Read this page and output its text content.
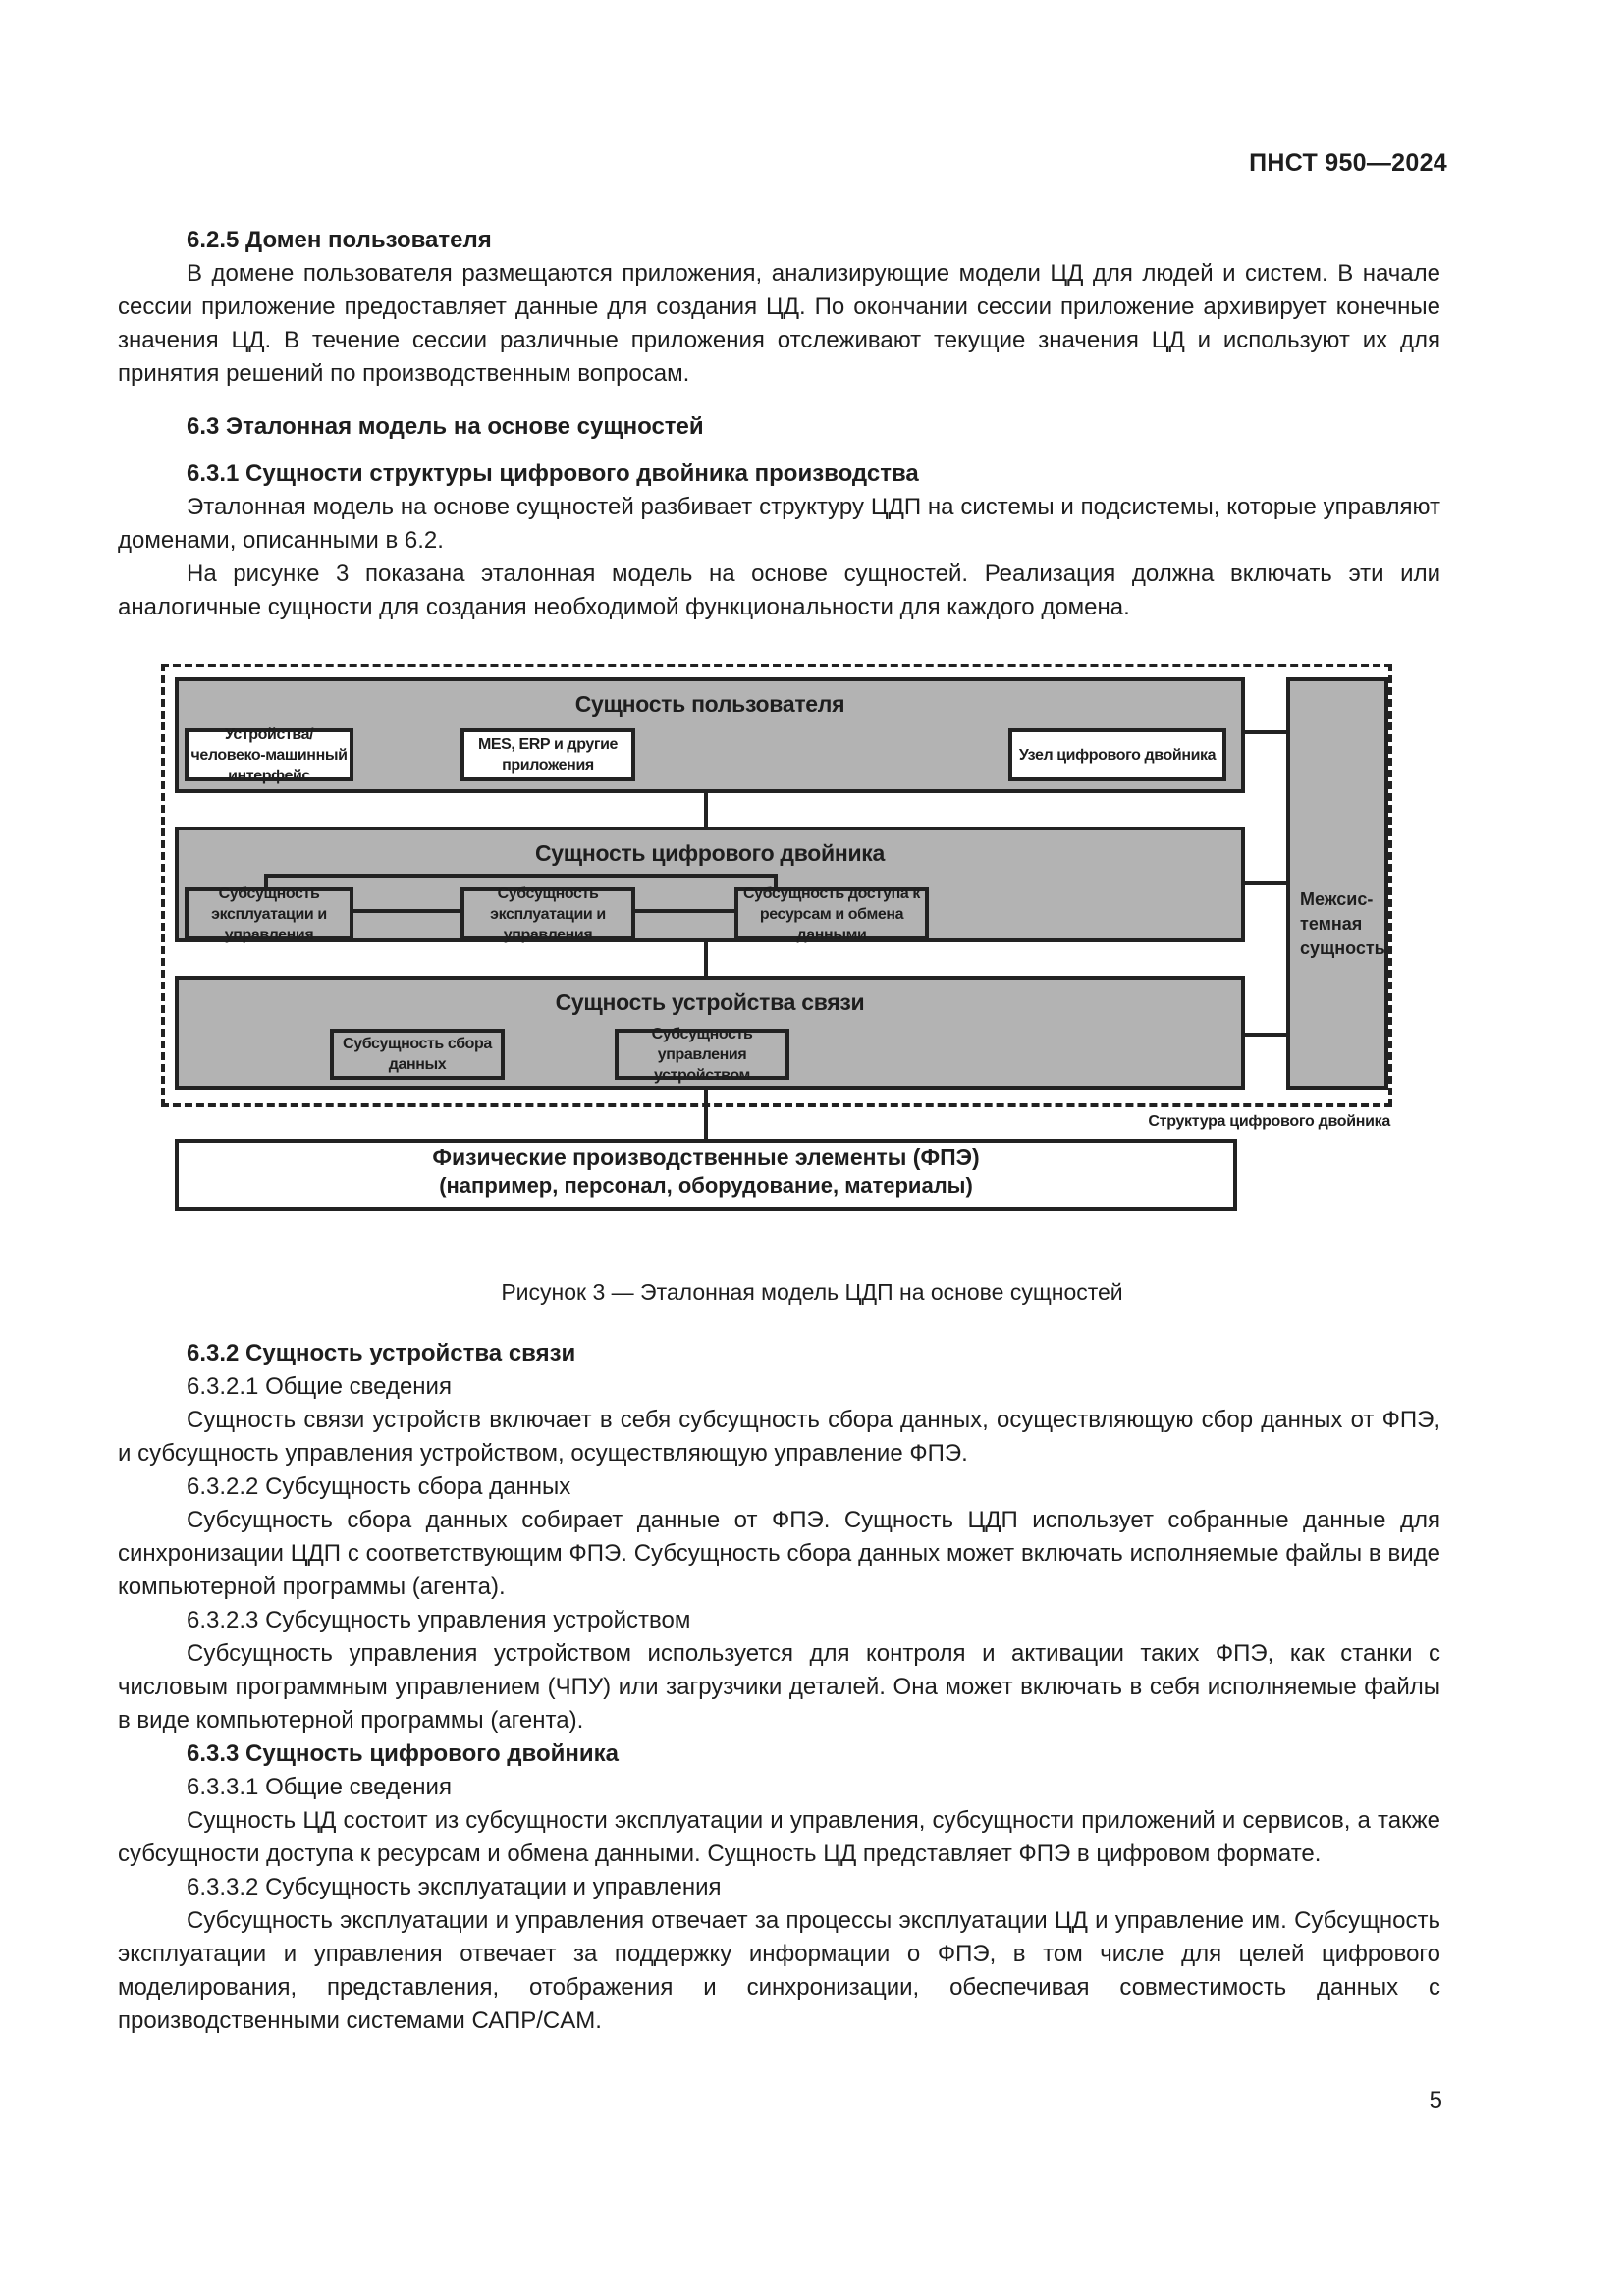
ПНСТ 950—2024

6.2.5 Домен пользователя

В домене пользователя размещаются приложения, анализирующие модели ЦД для людей и систем. В начале сессии приложение предоставляет данные для создания ЦД. По окончании сессии приложение архивирует конечные значения ЦД. В течение сессии различные приложения отслеживают текущие значения ЦД и используют их для принятия решений по производственным вопросам.

6.3 Эталонная модель на основе сущностей

6.3.1 Сущности структуры цифрового двойника производства

Эталонная модель на основе сущностей разбивает структуру ЦДП на системы и подсистемы, которые управляют доменами, описанными в 6.2.

На рисунке 3 показана эталонная модель на основе сущностей. Реализация должна включать эти или аналогичные сущности для создания необходимой функциональности для каждого домена.

Сущность пользователя
Устройства/человеко-машинный интерфейс
MES, ERP и другие приложения
Узел цифрового двойника
Сущность цифрового двойника
Субсущность эксплуатации и управления
Субсущность эксплуатации и управления
Субсущность доступа к ресурсам и обмена данными
Сущность устройства связи
Субсущность сбора данных
Субсущность управления устройством
Межсис-темная сущность
Структура цифрового двойника
Физические производственные элементы (ФПЭ)
(например, персонал, оборудование, материалы)
Рисунок 3 — Эталонная модель ЦДП на основе сущностей

6.3.2 Сущность устройства связи

6.3.2.1 Общие сведения

Сущность связи устройств включает в себя субсущность сбора данных, осуществляющую сбор данных от ФПЭ, и субсущность управления устройством, осуществляющую управление ФПЭ.

6.3.2.2 Субсущность сбора данных

Субсущность сбора данных собирает данные от ФПЭ. Сущность ЦДП использует собранные данные для синхронизации ЦДП с соответствующим ФПЭ. Субсущность сбора данных может включать исполняемые файлы в виде компьютерной программы (агента).

6.3.2.3 Субсущность управления устройством

Субсущность управления устройством используется для контроля и активации таких ФПЭ, как станки с числовым программным управлением (ЧПУ) или загрузчики деталей. Она может включать в себя исполняемые файлы в виде компьютерной программы (агента).

6.3.3 Сущность цифрового двойника

6.3.3.1 Общие сведения

Сущность ЦД состоит из субсущности эксплуатации и управления, субсущности приложений и сервисов, а также субсущности доступа к ресурсам и обмена данными. Сущность ЦД представляет ФПЭ в цифровом формате.

6.3.3.2 Субсущность эксплуатации и управления

Субсущность эксплуатации и управления отвечает за процессы эксплуатации ЦД и управление им. Субсущность эксплуатации и управления отвечает за поддержку информации о ФПЭ, в том числе для целей цифрового моделирования, представления, отображения и синхронизации, обеспечивая совместимость данных с производственными системами САПР/CAM.

5
